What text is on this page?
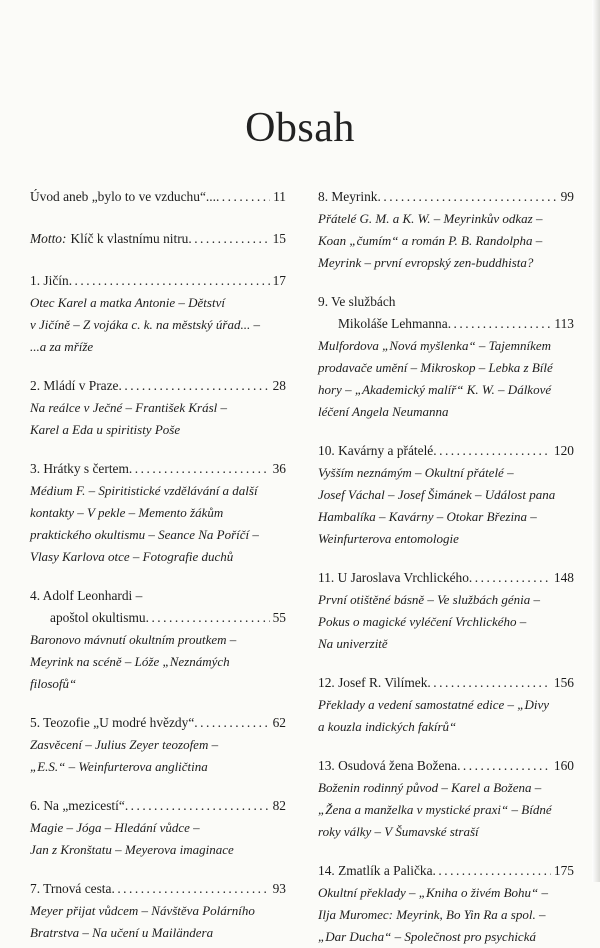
Obsah
Úvod aneb „bylo to ve vzduchu“... .....	11
Motto: Klíč k vlastnímu nitru .....	15
1. Jičín .....	17
Otec Karel a matka Antonie – Dětství
v Jičíně – Z vojáka c. k. na městský úřad... –
...a za mříže
2. Mládí v Praze .....	28
Na reálce v Ječné – František Krásl –
Karel a Eda u spiritisty Poše
3. Hrátky s čertem .....	36
Médium F. – Spiritistické vzdělávání a další
kontakty – V pekle – Memento žákům
praktického okultismu – Seance Na Poříčí –
Vlasy Karlova otce – Fotografie duchů
4. Adolf Leonhardi –
apoštol okultismu .....	55
Baronovo mávnutí okultním proutkem –
Meyrink na scéně – Lóže „Neznámých
filosofů“
5. Teozofie „U modré hvězdy“ .....	62
Zasvěcení – Julius Zeyer teozofem –
„E.S.“ – Weinfurterova angličtina
6. Na „mezicestí“ .....	82
Magie – Jóga – Hledání vůdce –
Jan z Kronštatu – Meyerova imaginace
7. Trnová cesta .....	93
Meyer přijat vůdcem – Návštěva Polárního
Bratrstva – Na učení u Mailändera
8. Meyrink .....	99
Přátelé G. M. a K. W. – Meyrinkův odkaz –
Koan „čumím“ a román P. B. Randolpha –
Meyrink – první evropský zen-buddhista?
9. Ve službách
Mikoláše Lehmanna .....	113
Mulfordova „Nová myšlenka“ – Tajemníkem
prodavače umění – Mikroskop – Lebka z Bílé
hory – „Akademický malíř“ K. W. – Dálkové
léčení Angela Neumanna
10. Kavárny a přátelé .....	120
Vyšším neznámým – Okultní přátelé –
Josef Váchal – Josef Šimánek – Událost pana
Hambalíka – Kavárny – Otokar Březina –
Weinfurterova entomologie
11. U Jaroslava Vrchlického .....	148
První otištěné básně – Ve službách génia –
Pokus o magické vyléčení Vrchlického –
Na univerzitě
12. Josef R. Vilímek .....	156
Překlady a vedení samostatné edice – „Divy
a kouzla indických fakírů“
13. Osudová žena Božena .....	160
Boženin rodinný původ – Karel a Božena –
„Žena a manželka v mystické praxi“ – Bídné
roky války – V Šumavské straší
14. Zmatlík a Palička .....	175
Okultní překlady – „Kniha o živém Bohu“ –
Ilja Muromec: Meyrink, Bo Yin Ra a spol. –
„Dar Ducha“ – Společnost pro psychická
